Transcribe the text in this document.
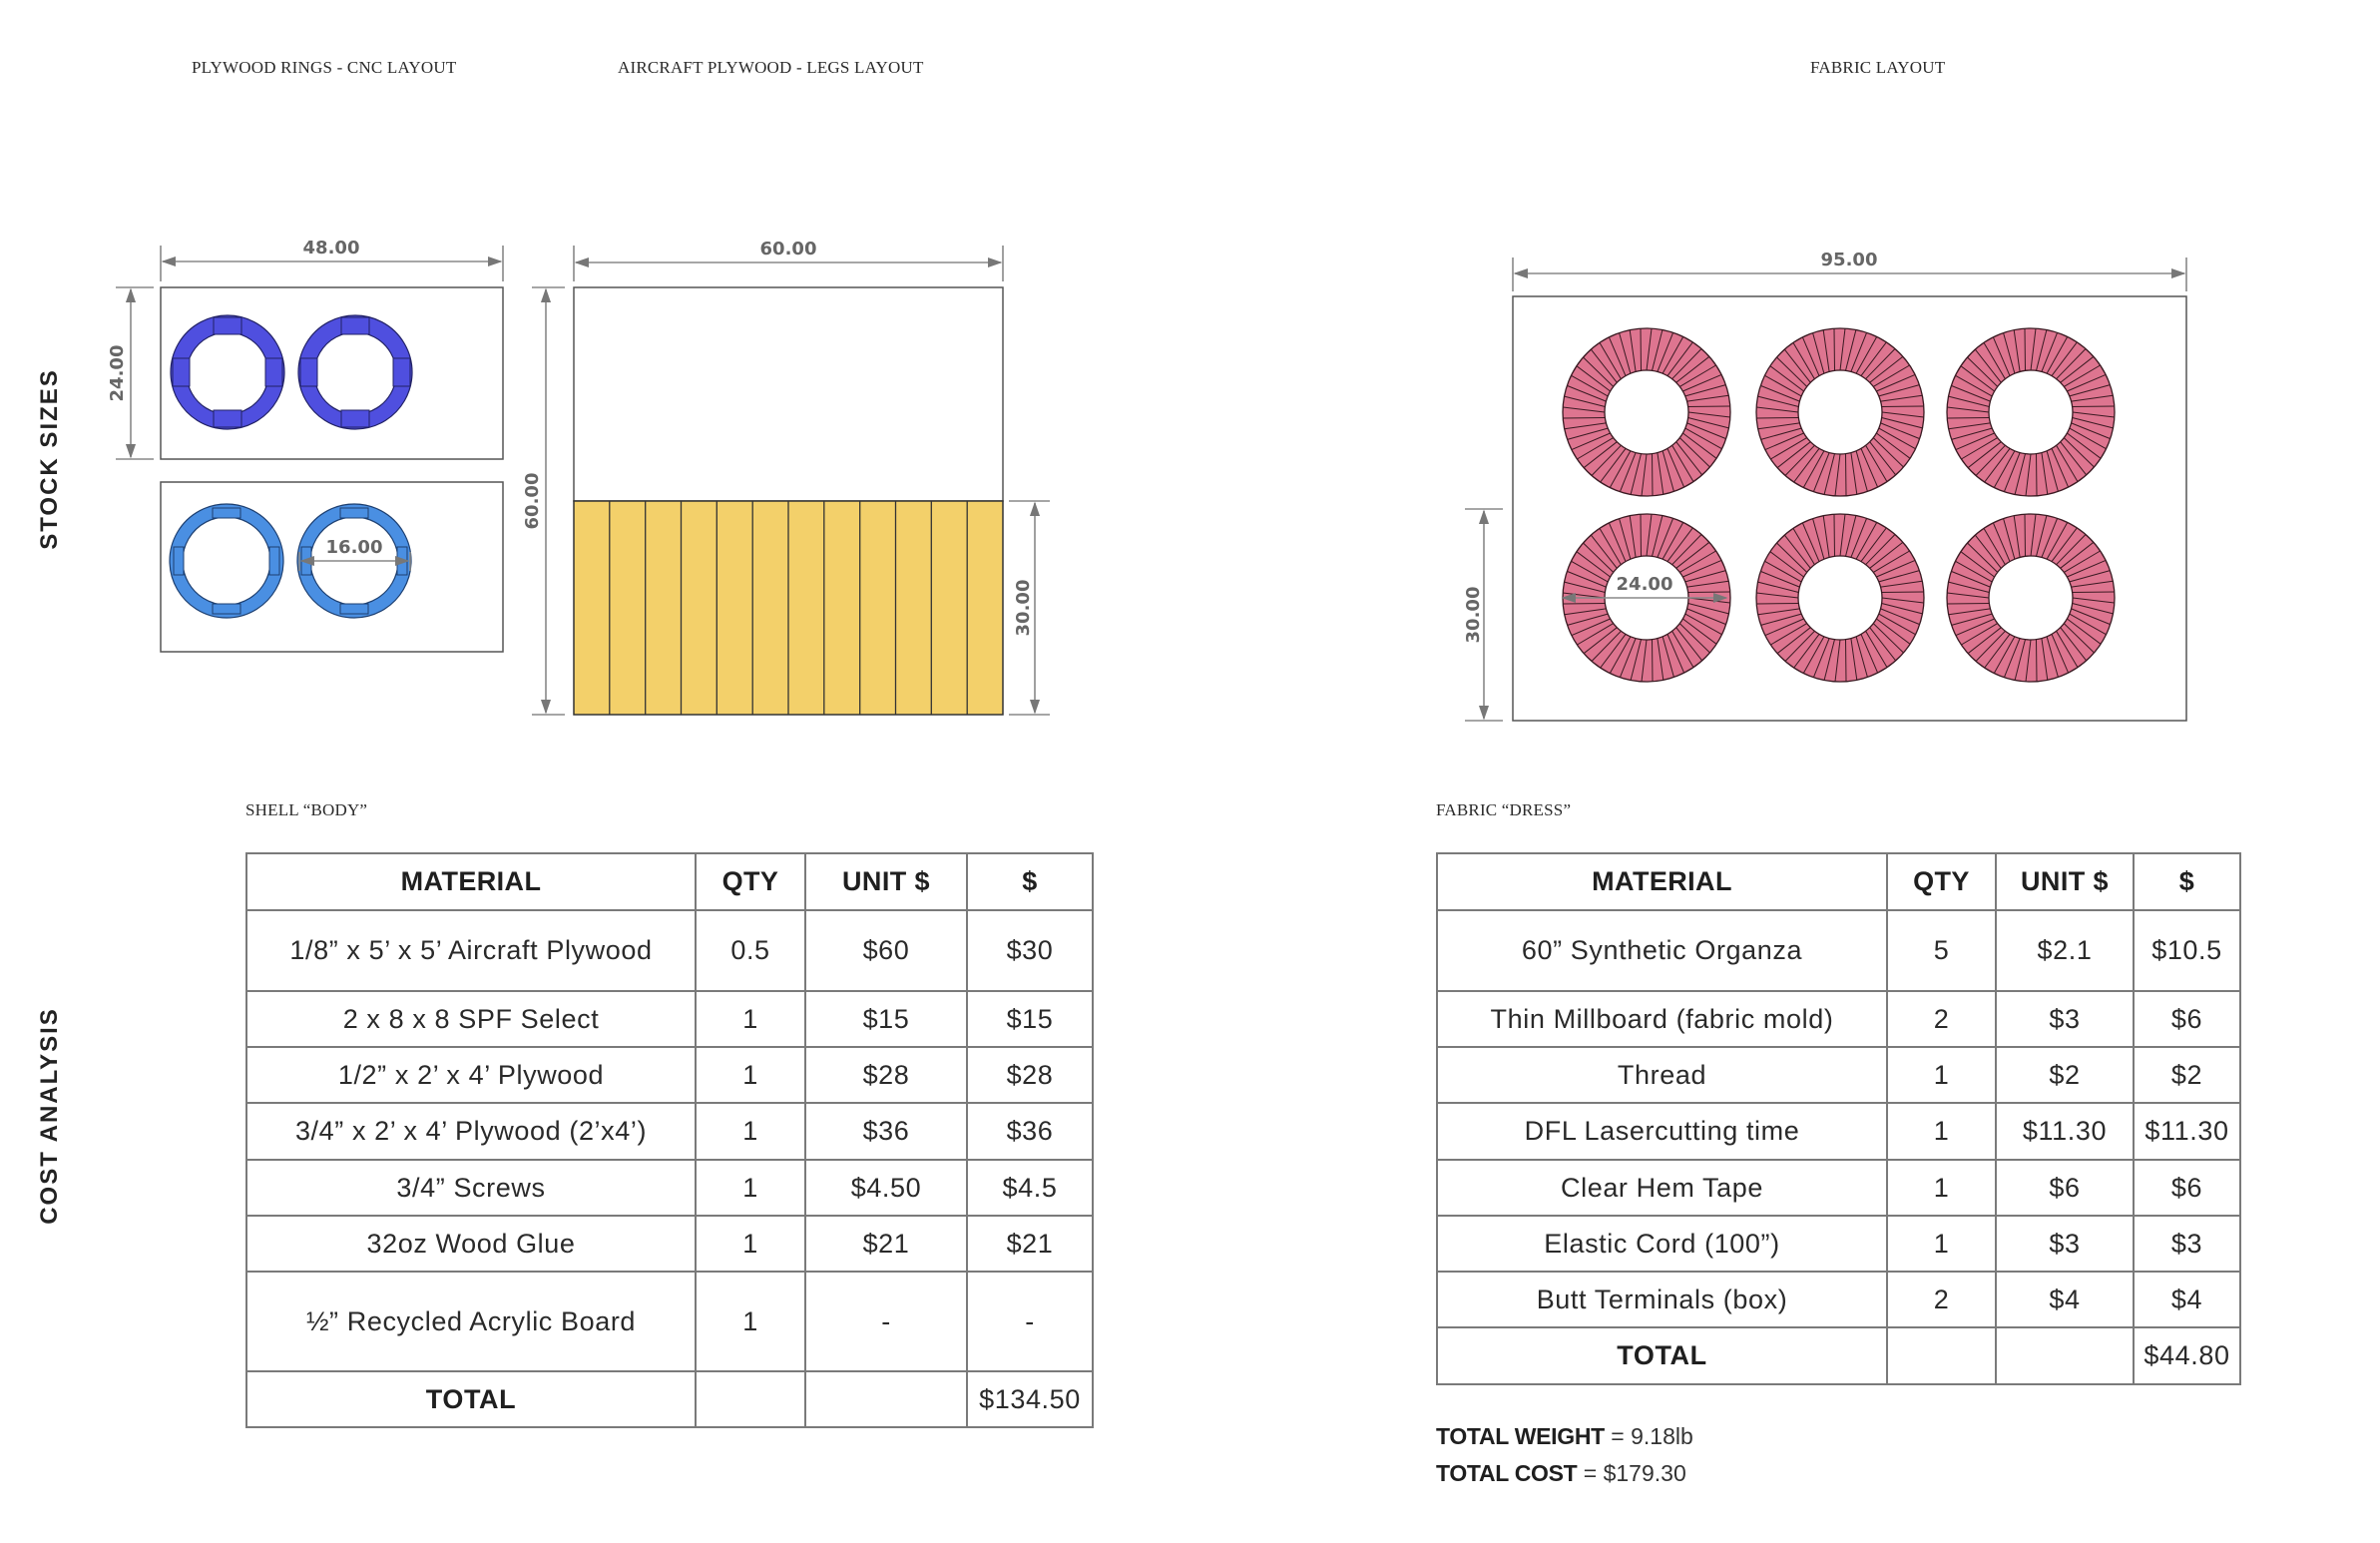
PLYWOOD RINGS - CNC LAYOUT	AIRCRAFT PLYWOOD - LEGS LAYOUT	FABRIC LAYOUT
STOCK SIZES
COST ANALYSIS
48.00
24.00
16.00
60.00
60.00
30.00
95.00
30.00
24.00
SHELL “BODY”	FABRIC “DRESS”
MATERIAL	QTY	UNIT $	$
1/8” x 5’ x 5’ Aircraft Plywood	0.5	$60	$30
2 x 8 x 8 SPF Select	1	$15	$15
1/2” x 2’ x 4’ Plywood	1	$28	$28
3/4” x 2’ x 4’ Plywood (2’x4’)	1	$36	$36
3/4” Screws	1	$4.50	$4.5
32oz Wood Glue	1	$21	$21
½” Recycled Acrylic Board	1	-	-
TOTAL			$134.50
MATERIAL	QTY	UNIT $	$
60” Synthetic Organza	5	$2.1	$10.5
Thin Millboard (fabric mold)	2	$3	$6
Thread	1	$2	$2
DFL Lasercutting time	1	$11.30	$11.30
Clear Hem Tape	1	$6	$6
Elastic Cord (100”)	1	$3	$3
Butt Terminals (box)	2	$4	$4
TOTAL			$44.80
TOTAL WEIGHT = 9.18lb
TOTAL COST = $179.30
